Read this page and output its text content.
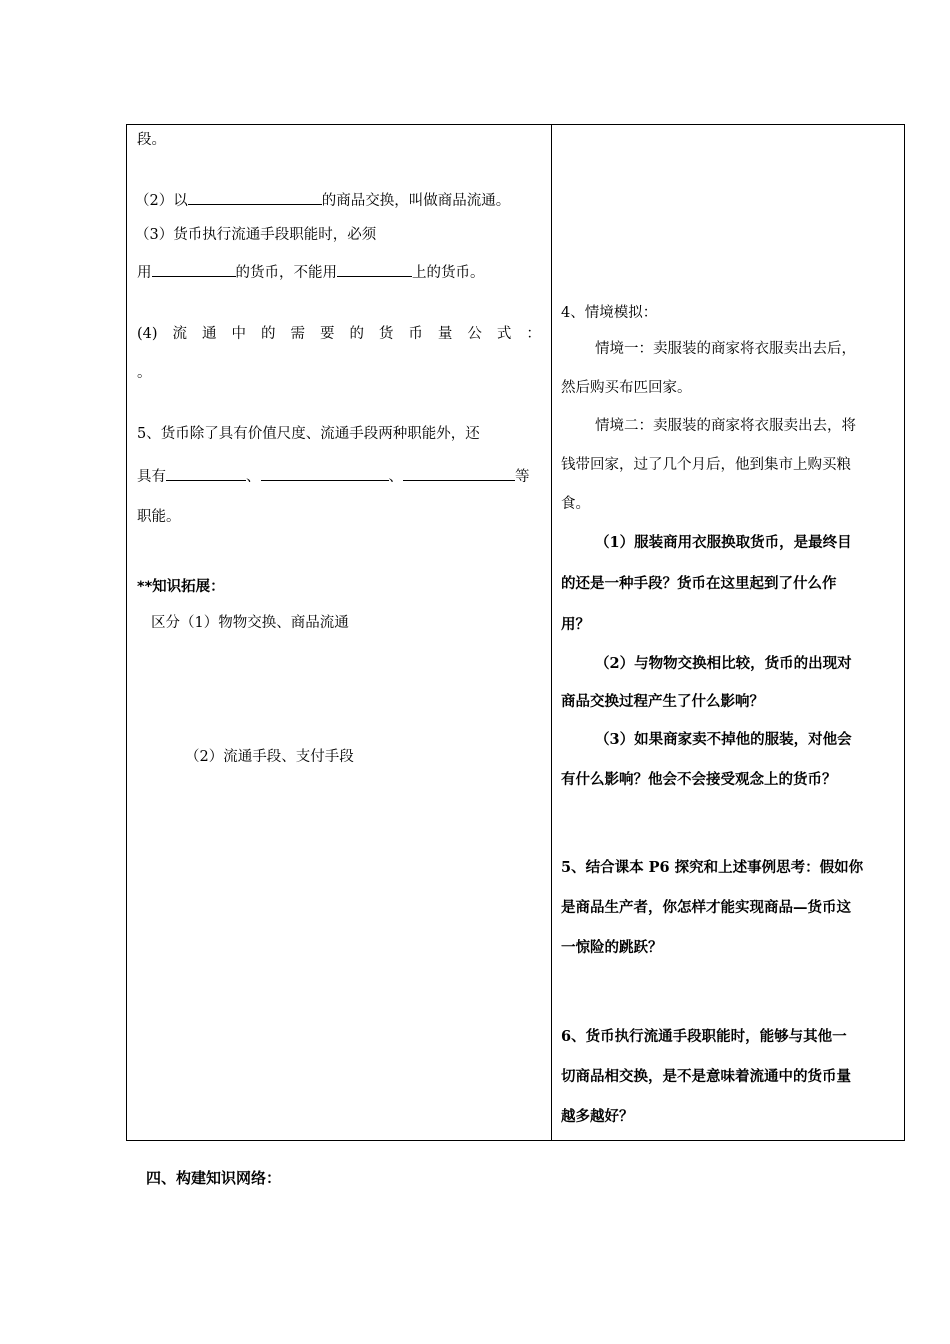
段。
（2）以	的商品交换，叫做商品流通。
（3）货币执行流通手段职能时，必须
用	的货币，不能用	上的货币。
(4) 流 通 中 的 需 要 的 货 币 量 公 式 ：
。
5、货币除了具有价值尺度、流通手段两种职能外，还
具有	、	、	等
职能。
**知识拓展：
区分（1）物物交换、商品流通
（2）流通手段、支付手段
4、情境模拟：
情境一：卖服装的商家将衣服卖出去后，
然后购买布匹回家。
情境二：卖服装的商家将衣服卖出去，将
钱带回家，过了几个月后，他到集市上购买粮
食。
（1）服装商用衣服换取货币，是最终目
的还是一种手段？货币在这里起到了什么作
用？
（2）与物物交换相比较，货币的出现对
商品交换过程产生了什么影响？
（3）如果商家卖不掉他的服装，对他会
有什么影响？他会不会接受观念上的货币？
5、结合课本 P6 探究和上述事例思考：假如你
是商品生产者，你怎样才能实现商品—货币这
一惊险的跳跃？
6、货币执行流通手段职能时，能够与其他一
切商品相交换，是不是意味着流通中的货币量
越多越好？
四、构建知识网络：
